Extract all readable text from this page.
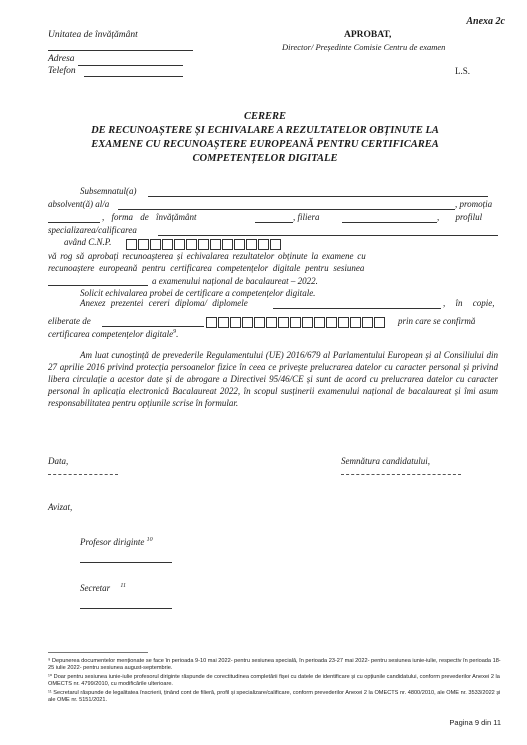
Anexa 2c
Unitatea de învățământ	APROBAT,
Director/ Președinte Comisie Centru de examen
Adresa
Telefon	L.S.
CERERE
DE RECUNOAȘTERE ȘI ECHIVALARE A REZULTATELOR OBȚINUTE LA
EXAMENE CU RECUNOAȘTERE EUROPEANĂ PENTRU CERTIFICAREA
COMPETENȚELOR DIGITALE
Subsemnatul(a)
absolvent(ă) al/a	, promoția
, forma de învățământ	, filiera	, profilul
specializarea/calificarea
având C.N.P.
vă rog să aprobați recunoașterea și echivalarea rezultatelor obținute la examene cu
recunoaștere europeană pentru certificarea competențelor digitale pentru sesiunea
a examenului național de bacalaureat – 2022.
Solicit echivalarea probei de certificare a competențelor digitale.
Anexez prezentei cereri diploma/ diplomele	, în copie,
eliberate de	prin care se confirmă
certificarea competențelor digitale$^9$.
Am luat cunoștință de prevederile Regulamentului (UE) 2016/679 al Parlamentului European și al Consiliului din 27 aprilie 2016 privind protecția persoanelor fizice în ceea ce privește prelucrarea datelor cu caracter personal și privind libera circulație a acestor date și de abrogare a Directivei 95/46/CE și sunt de acord cu prelucrarea datelor cu caracter personal în aplicația electronică Bacalaureat 2022, în scopul susținerii examenului național de bacalaureat și îmi asum responsabilitatea pentru opțiunile scrise în formular.
Data,	Semnătura candidatului,
Avizat,
Profesor diriginte $^{10}$
Secretar $^{11}$
⁹ Depunerea documentelor menționate se face în perioada 9-10 mai 2022- pentru sesiunea specială, în perioada 23-27 mai 2022- pentru sesiunea iunie-iulie, respectiv în perioada 18-25 iulie 2022- pentru sesiunea august-septembrie.
¹⁰ Doar pentru sesiunea iunie-iulie profesorul diriginte răspunde de corectitudinea completării fișei cu datele de identificare și cu opțiunile candidatului, conform prevederilor Anexei 2 la OMECTS nr. 4799/2010, cu modificările ulterioare.
¹¹ Secretarul răspunde de legalitatea înscrierii, ținând cont de filieră, profil și specializare/calificare, conform prevederilor Anexei 2 la OMECTS nr. 4800/2010, ale OME nr. 3533/2022 și ale OME nr. 5151/2021.
Pagina 9 din 11
